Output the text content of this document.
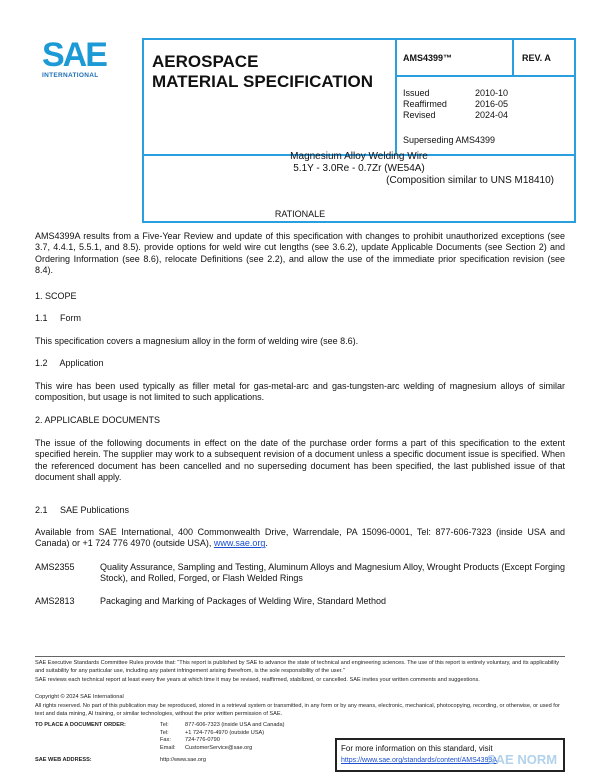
SAE
INTERNATIONAL
AEROSPACE
MATERIAL SPECIFICATION
AMS4399™	REV. A
Issued	2010-10
Reaffirmed	2016-05
Revised	2024-04
Superseding AMS4399
Magnesium Alloy Welding Wire
5.1Y - 3.0Re - 0.7Zr (WE54A)
(Composition similar to UNS M18410)
RATIONALE
AMS4399A results from a Five-Year Review and update of this specification with changes to prohibit unauthorized exceptions (see 3.7, 4.4.1, 5.5.1, and 8.5). provide options for weld wire cut lengths (see 3.6.2), update Applicable Documents (see Section 2) and Ordering Information (see 8.6), relocate Definitions (see 2.2), and allow the use of the immediate prior specification revision (see 8.4).
1. SCOPE
1.1     Form
This specification covers a magnesium alloy in the form of welding wire (see 8.6).
1.2     Application
This wire has been used typically as filler metal for gas-metal-arc and gas-tungsten-arc welding of magnesium alloys of similar composition, but usage is not limited to such applications.
2. APPLICABLE DOCUMENTS
The issue of the following documents in effect on the date of the purchase order forms a part of this specification to the extent specified herein. The supplier may work to a subsequent revision of a document unless a specific document issue is specified. When the referenced document has been cancelled and no superseding document has been specified, the last published issue of that document shall apply.
2.1     SAE Publications
Available from SAE International, 400 Commonwealth Drive, Warrendale, PA 15096-0001, Tel: 877-606-7323 (inside USA and Canada) or +1 724 776 4970 (outside USA), www.sae.org.
AMS2355	Quality Assurance, Sampling and Testing, Aluminum Alloys and Magnesium Alloy, Wrought Products (Except Forging Stock), and Rolled, Forged, or Flash Welded Rings
AMS2813	Packaging and Marking of Packages of Welding Wire, Standard Method
SAE Executive Standards Committee Rules provide that: “This report is published by SAE to advance the state of technical and engineering sciences. The use of this report is entirely voluntary, and its applicability and suitability for any particular use, including any patent infringement arising therefrom, is the sole responsibility of the user.”
SAE reviews each technical report at least every five years at which time it may be revised, reaffirmed, stabilized, or cancelled. SAE invites your written comments and suggestions.
Copyright © 2024 SAE International
All rights reserved. No part of this publication may be reproduced, stored in a retrieval system or transmitted, in any form or by any means, electronic, mechanical, photocopying, recording, or otherwise, or used for text and data mining, AI training, or similar technologies, without the prior written permission of SAE.
TO PLACE A DOCUMENT ORDER:	Tel:	877-606-7323 (inside USA and Canada)
Tel:	+1 724-776-4970 (outside USA)
Fax:	724-776-0790
Email: CustomerService@sae.org
SAE WEB ADDRESS:	http://www.sae.org
For more information on this standard, visit
https://www.sae.org/standards/content/AMS4399A
SAE NORM
